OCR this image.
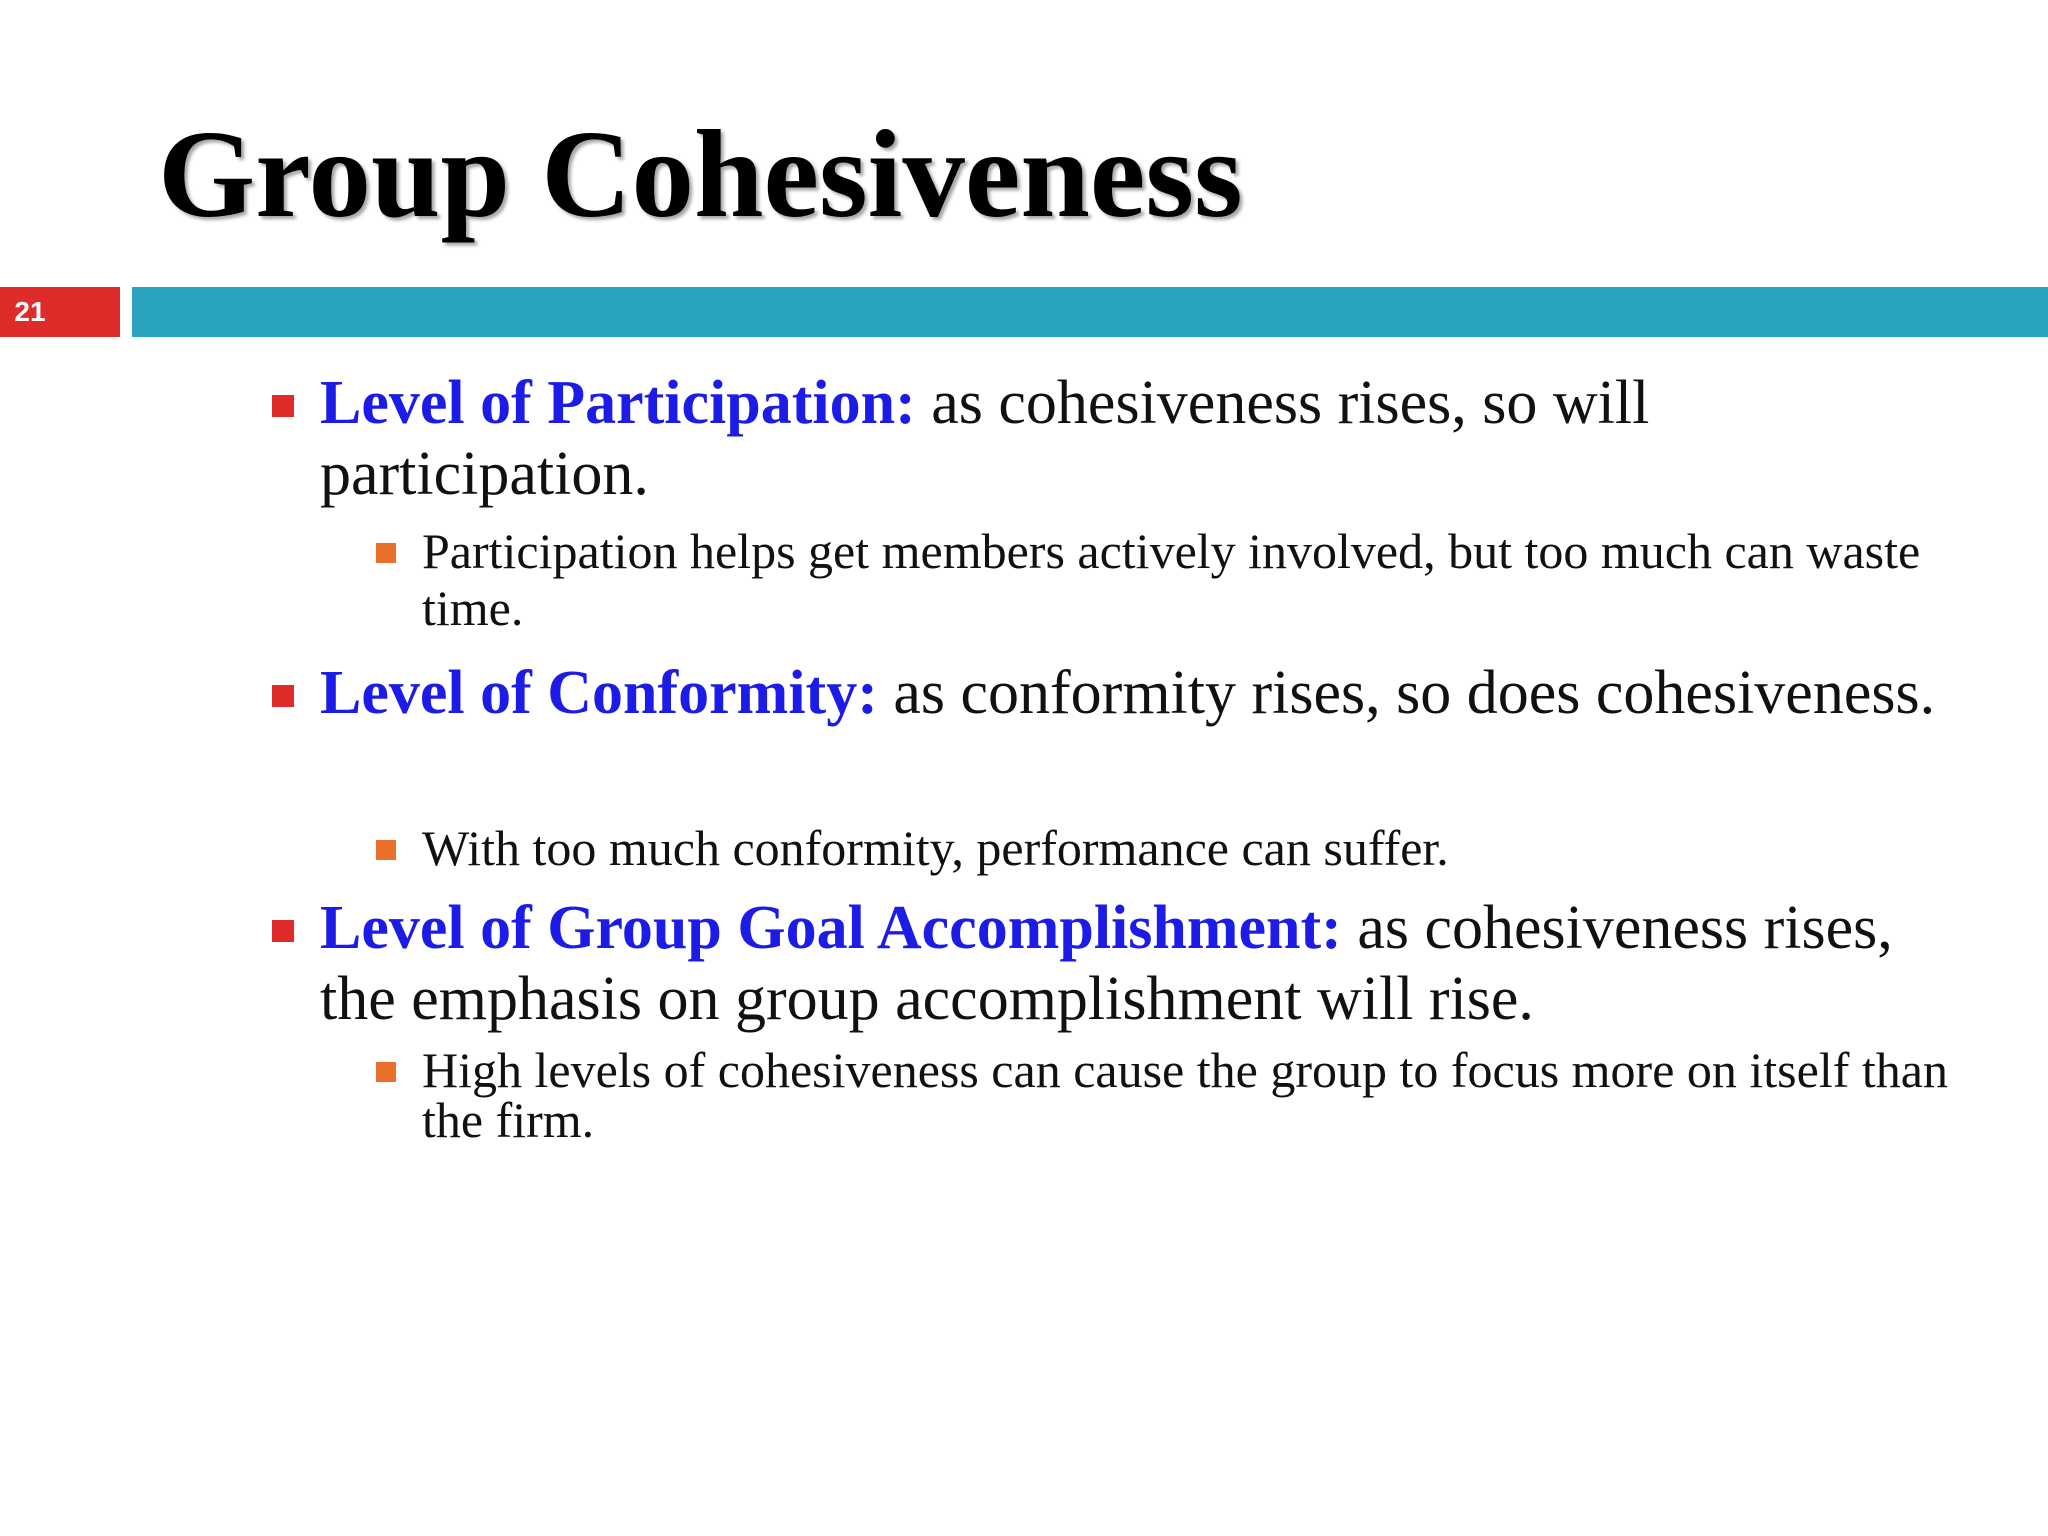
Group Cohesiveness
21
Level of Participation: as cohesiveness rises, so will participation.
Participation helps get members actively involved, but too much can waste time.
Level of Conformity: as conformity rises, so does cohesiveness.
With too much conformity, performance can suffer.
Level of Group Goal Accomplishment: as cohesiveness rises, the emphasis on group accomplishment will rise.
High levels of cohesiveness can cause the group to focus more on itself than the firm.
